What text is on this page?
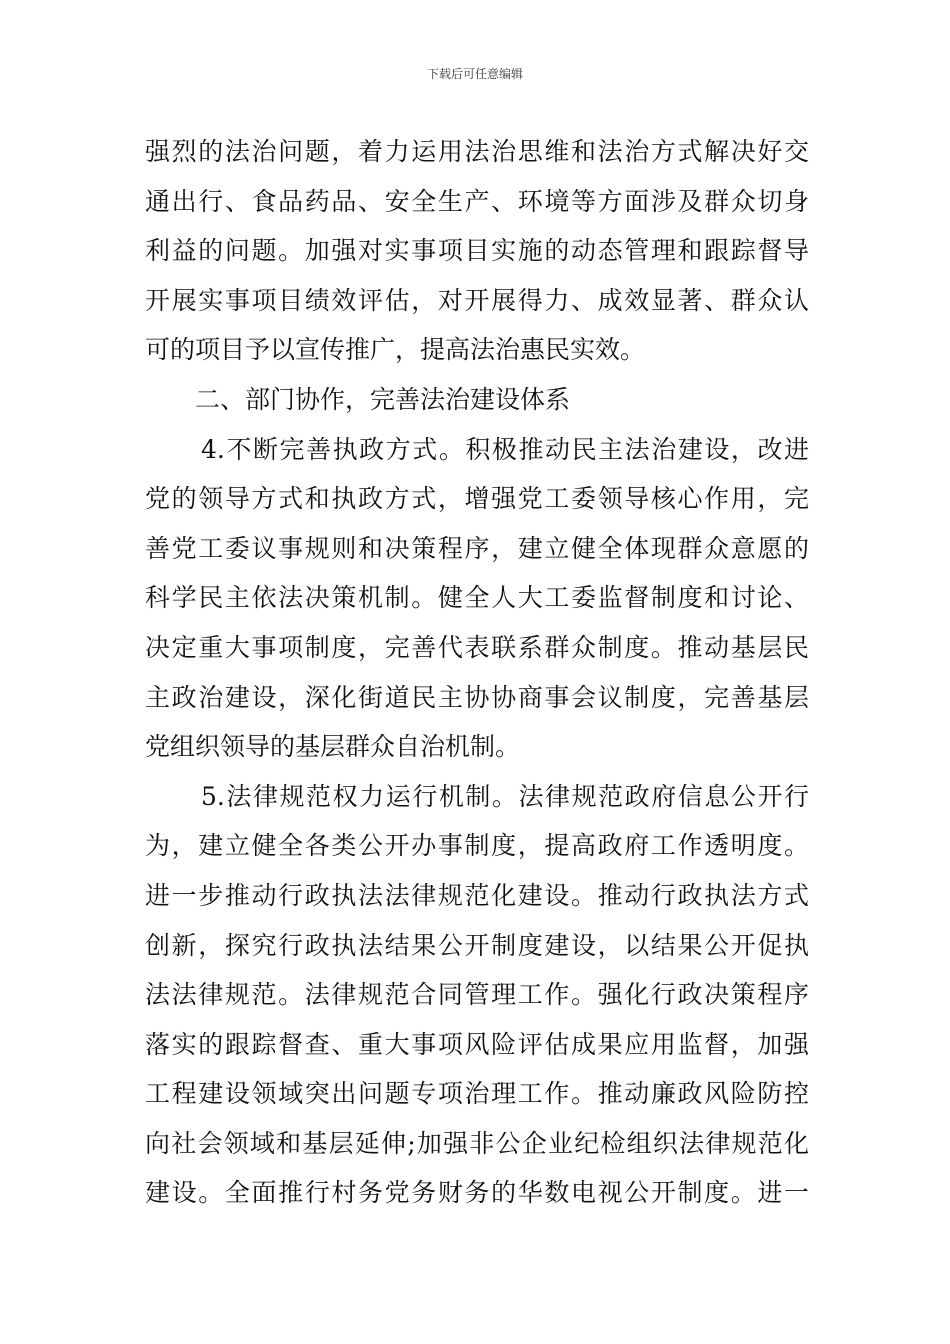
下载后可任意编辑
强烈的法治问题，着力运用法治思维和法治方式解决好交
通出行、食品药品、安全生产、环境等方面涉及群众切身
利益的问题。加强对实事项目实施的动态管理和跟踪督导
开展实事项目绩效评估，对开展得力、成效显著、群众认
可的项目予以宣传推广，提高法治惠民实效。
二、部门协作，完善法治建设体系
4.不断完善执政方式。积极推动民主法治建设，改进
党的领导方式和执政方式，增强党工委领导核心作用，完
善党工委议事规则和决策程序，建立健全体现群众意愿的
科学民主依法决策机制。健全人大工委监督制度和讨论、
决定重大事项制度，完善代表联系群众制度。推动基层民
主政治建设，深化街道民主协协商事会议制度，完善基层
党组织领导的基层群众自治机制。
5.法律规范权力运行机制。法律规范政府信息公开行
为，建立健全各类公开办事制度，提高政府工作透明度。
进一步推动行政执法法律规范化建设。推动行政执法方式
创新，探究行政执法结果公开制度建设，以结果公开促执
法法律规范。法律规范合同管理工作。强化行政决策程序
落实的跟踪督查、重大事项风险评估成果应用监督，加强
工程建设领域突出问题专项治理工作。推动廉政风险防控
向社会领域和基层延伸;加强非公企业纪检组织法律规范化
建设。全面推行村务党务财务的华数电视公开制度。进一
